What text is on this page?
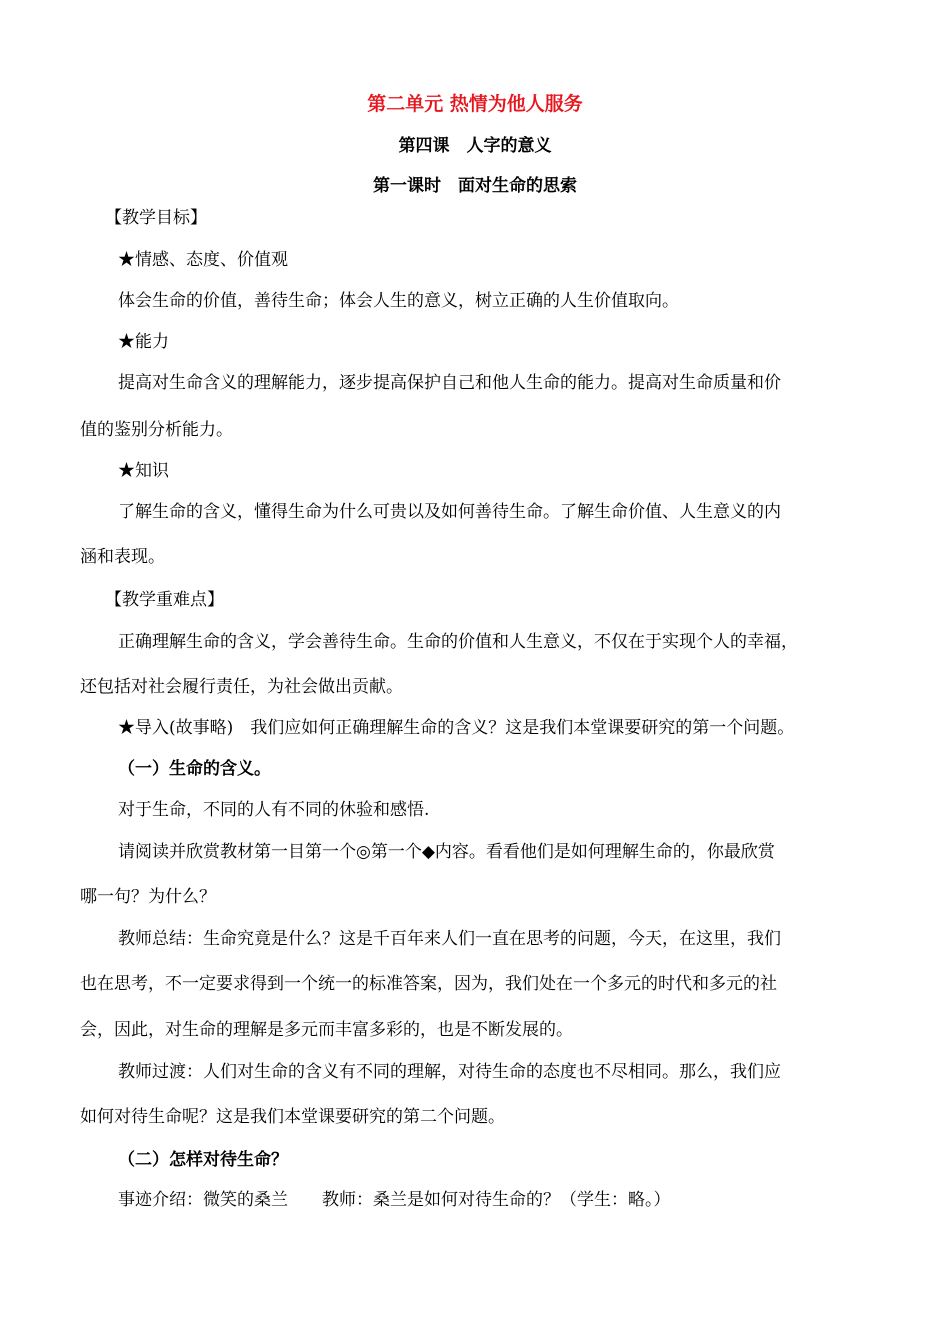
第二单元 热情为他人服务
第四课　人字的意义
第一课时　面对生命的思索
【教学目标】
★情感、态度、价值观
体会生命的价值，善待生命；体会人生的意义，树立正确的人生价值取向。
★能力
提高对生命含义的理解能力，逐步提高保护自己和他人生命的能力。提高对生命质量和价
值的鉴别分析能力。
★知识
了解生命的含义，懂得生命为什么可贵以及如何善待生命。了解生命价值、人生意义的内
涵和表现。
【教学重难点】
正确理解生命的含义，学会善待生命。生命的价值和人生意义，不仅在于实现个人的幸福，
还包括对社会履行责任，为社会做出贡献。
★导入(故事略)　我们应如何正确理解生命的含义？这是我们本堂课要研究的第一个问题。
（一）生命的含义。
对于生命，不同的人有不同的休验和感悟.
请阅读并欣赏教材第一目第一个◎第一个◆内容。看看他们是如何理解生命的，你最欣赏
哪一句？为什么？
教师总结：生命究竟是什么？这是千百年来人们一直在思考的问题，今天，在这里，我们
也在思考，不一定要求得到一个统一的标准答案，因为，我们处在一个多元的时代和多元的社
会，因此，对生命的理解是多元而丰富多彩的，也是不断发展的。
教师过渡：人们对生命的含义有不同的理解，对待生命的态度也不尽相同。那么，我们应
如何对待生命呢？这是我们本堂课要研究的第二个问题。
（二）怎样对待生命？
事迹介绍：微笑的桑兰　　教师：桑兰是如何对待生命的？（学生：略。）
